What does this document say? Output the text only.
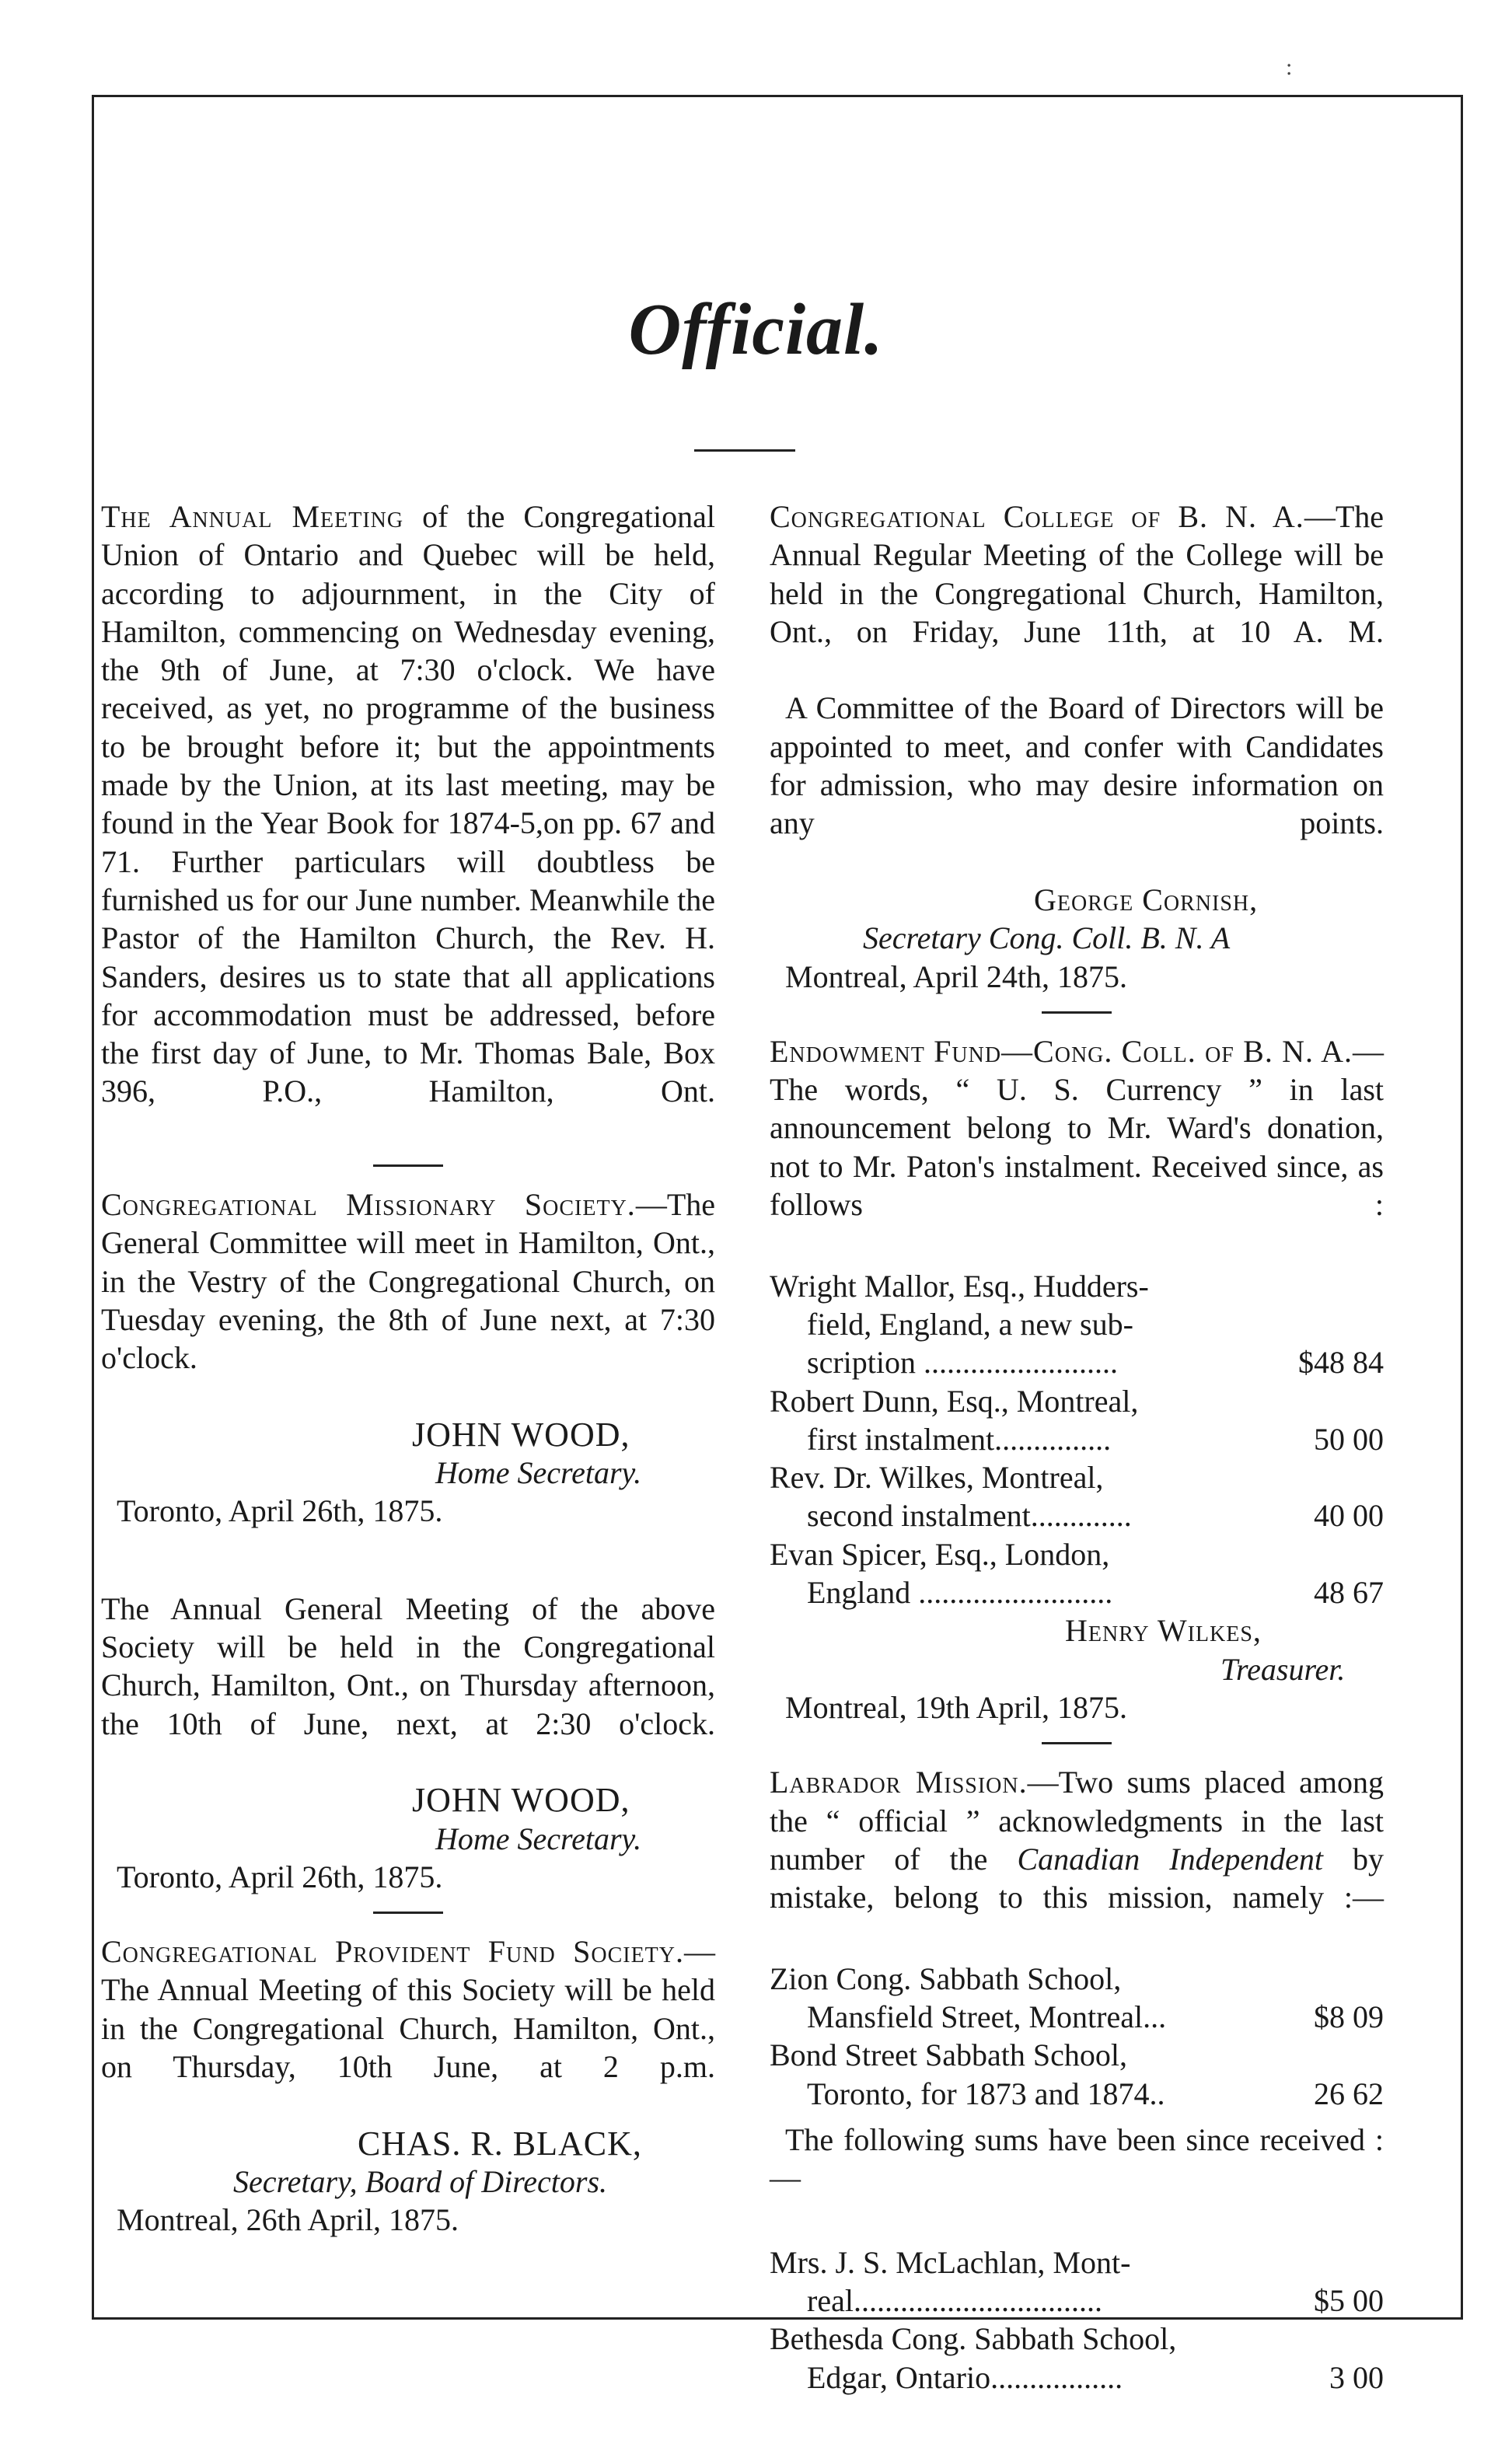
:
Official.

The Annual Meeting of the Congregational Union of Ontario and Quebec will be held, according to adjournment, in the City of Hamilton, commencing on Wednesday evening, the 9th of June, at 7:30 o'clock. We have received, as yet, no programme of the business to be brought before it; but the appointments made by the Union, at its last meeting, may be found in the Year Book for 1874-5,on pp. 67 and 71. Further particulars will doubtless be furnished us for our June number. Meanwhile the Pastor of the Hamilton Church, the Rev. H. Sanders, desires us to state that all applications for accommodation must be addressed, before the first day of June, to Mr. Thomas Bale, Box 396, P.O., Hamilton, Ont.

Congregational Missionary Society.—The General Committee will meet in Hamilton, Ont., in the Vestry of the Congregational Church, on Tuesday evening, the 8th of June next, at 7:30 o'clock.

JOHN WOOD,

Home Secretary.

Toronto, April 26th, 1875.

The Annual General Meeting of the above Society will be held in the Congregational Church, Hamilton, Ont., on Thursday afternoon, the 10th of June, next, at 2:30 o'clock.

JOHN WOOD,

Home Secretary.

Toronto, April 26th, 1875.

Congregational Provident Fund Society.—The Annual Meeting of this Society will be held in the Congregational Church, Hamilton, Ont., on Thursday, 10th June, at 2 p.m.

CHAS. R. BLACK,

Secretary, Board of Directors.

Montreal, 26th April, 1875.

Congregational College of B. N. A.—The Annual Regular Meeting of the College will be held in the Congregational Church, Hamilton, Ont., on Friday, June 11th, at 10 A. M.

A Committee of the Board of Directors will be appointed to meet, and confer with Candidates for admission, who may desire information on any points.

George Cornish,

Secretary Cong. Coll. B. N. A

Montreal, April 24th, 1875.

Endowment Fund—Cong. Coll. of B. N. A.—The words, “ U. S. Currency ” in last announcement belong to Mr. Ward's donation, not to Mr. Paton's instalment. Received since, as follows :

Wright Mallor, Esq., Hudders-

field, England, a new sub-

scription .........................	$48 84

Robert Dunn, Esq., Montreal,

first instalment...............	50 00

Rev. Dr. Wilkes, Montreal,

second instalment.............	40 00

Evan Spicer, Esq., London,

England .........................	48 67

Henry Wilkes,

Treasurer.

Montreal, 19th April, 1875.

Labrador Mission.—Two sums placed among the “ official ” acknowledgments in the last number of the Canadian Independent by mistake, belong to this mission, namely :—

Zion Cong. Sabbath School,

Mansfield Street, Montreal...	$8 09

Bond Street Sabbath School,

Toronto, for 1873 and 1874..	26 62

The following sums have been since received :—

Mrs. J. S. McLachlan, Mont-

real................................	$5 00

Bethesda Cong. Sabbath School,

Edgar, Ontario.................	3 00
